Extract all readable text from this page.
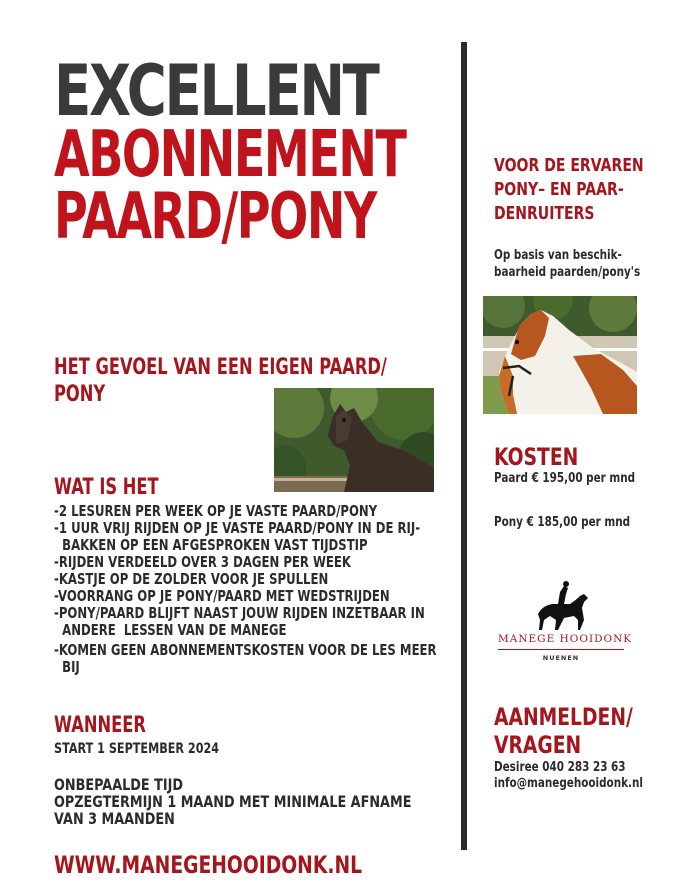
EXCELLENT
ABONNEMENT
PAARD/PONY
HET GEVOEL VAN EEN EIGEN PAARD/
PONY
WAT IS HET
-2 LESUREN PER WEEK OP JE VASTE PAARD/PONY
-1 UUR VRIJ RIJDEN OP JE VASTE PAARD/PONY IN DE RIJ-
BAKKEN OP EEN AFGESPROKEN VAST TIJDSTIP
-RIJDEN VERDEELD OVER 3 DAGEN PER WEEK
-KASTJE OP DE ZOLDER VOOR JE SPULLEN
-VOORRANG OP JE PONY/PAARD MET WEDSTRIJDEN
-PONY/PAARD BLIJFT NAAST JOUW RIJDEN INZETBAAR IN
ANDERE  LESSEN VAN DE MANEGE
-KOMEN GEEN ABONNEMENTSKOSTEN VOOR DE LES MEER
BIJ
WANNEER
START 1 SEPTEMBER 2024
ONBEPAALDE TIJD
OPZEGTERMIJN 1 MAAND MET MINIMALE AFNAME
VAN 3 MAANDEN
WWW.MANEGEHOOIDONK.NL
VOOR DE ERVAREN
PONY– EN PAAR-
DENRUITERS
Op basis van beschik-
baarheid paarden/pony's
KOSTEN
Paard € 195,00 per mnd
Pony € 185,00 per mnd
MANEGE HOOIDONK
NUENEN
AANMELDEN/
VRAGEN
Desiree 040 283 23 63
info@manegehooidonk.nl
